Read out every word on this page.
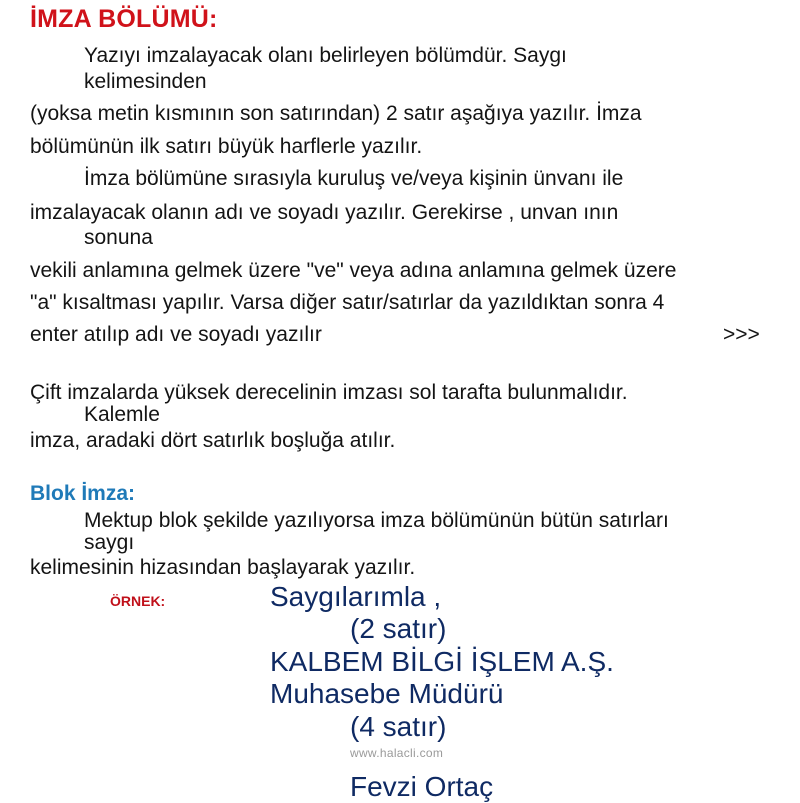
İMZA BÖLÜMÜ:
Yazıyı imzalayacak olanı belirleyen bölümdür. Saygı
kelimesinden
(yoksa metin kısmının son satırından) 2 satır aşağıya yazılır. İmza
bölümünün ilk satırı büyük harflerle yazılır.
İmza bölümüne sırasıyla kuruluş ve/veya kişinin ünvanı ile
imzalayacak olanın adı ve soyadı yazılır. Gerekirse , unvan ının
sonuna
vekili anlamına gelmek üzere "ve" veya adına anlamına gelmek üzere
"a" kısaltması yapılır. Varsa diğer satır/satırlar da yazıldıktan sonra 4
enter atılıp adı ve soyadı yazılır	>>>
Çift imzalarda yüksek derecelinin imzası sol tarafta bulunmalıdır.
Kalemle
imza, aradaki dört satırlık boşluğa atılır.
Blok İmza:
Mektup blok şekilde yazılıyorsa imza bölümünün bütün satırları
saygı
kelimesinin hizasından başlayarak yazılır.
ÖRNEK:	Saygılarımla ,
(2 satır)
KALBEM BİLGİ İŞLEM A.Ş.
Muhasebe Müdürü
(4 satır)
www.halacli.com
Fevzi Ortaç
